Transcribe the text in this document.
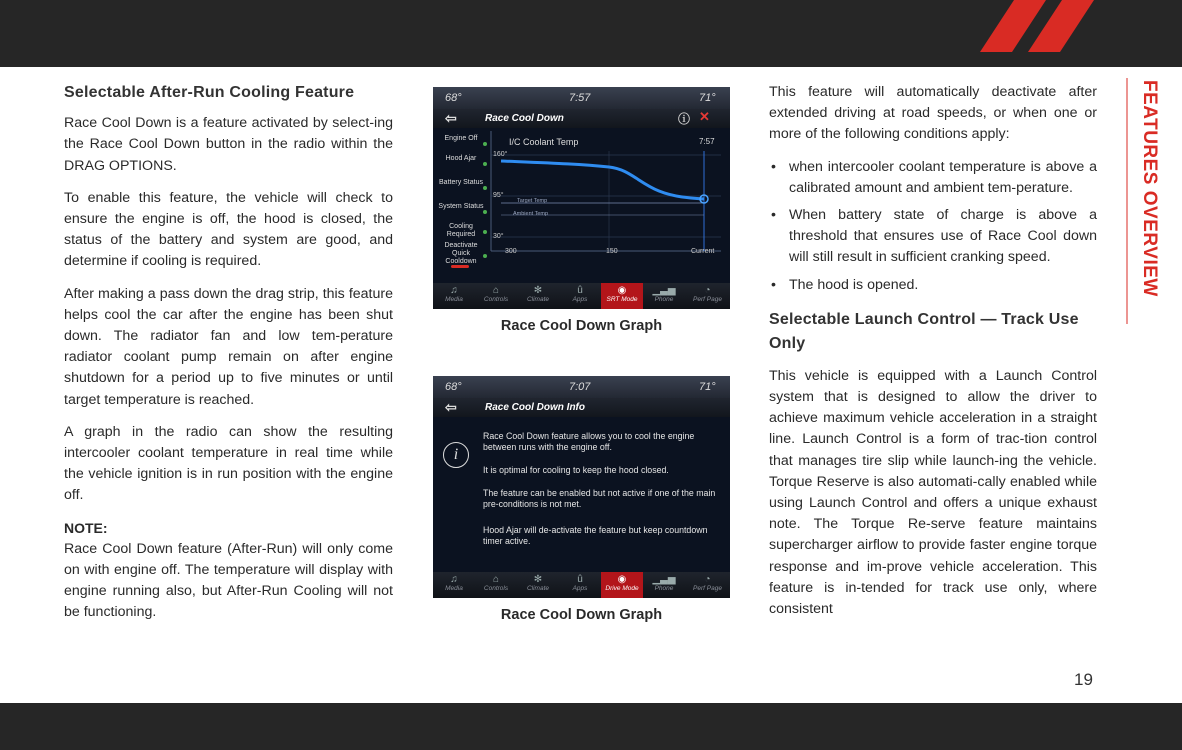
Selectable After-Run Cooling Feature

Race Cool Down is a feature activated by select-ing the Race Cool Down button in the radio within the DRAG OPTIONS.

To enable this feature, the vehicle will check to ensure the engine is off, the hood is closed, the status of the battery and system are good, and determine if cooling is required.

After making a pass down the drag strip, this feature helps cool the car after the engine has been shut down. The radiator fan and low tem-perature radiator coolant pump remain on after engine shutdown for a period up to five minutes or until target temperature is reached.

A graph in the radio can show the resulting intercooler coolant temperature in real time while the vehicle ignition is in run position with the engine off.

NOTE:

Race Cool Down feature (After-Run) will only come on with engine off. The temperature will display with engine running also, but After-Run Cooling will not be functioning.

68°	7:57	71°
⇦	Race Cool Down	ⓘ ✕
Engine Off
Hood Ajar
Battery Status
System Status
Cooling Required
Deactivate Quick Cooldown
I/C Coolant Temp	7:57
160°
95°
30°
Target Temp
Ambient Temp
300	150	Current
♫
Media
⌂
Controls
✻
Climate
û
Apps
◉
SRT Mode
▁▃▅
Phone
◔
Perf Page
Race Cool Down Graph
68°	7:07	71°
⇦	Race Cool Down Info
i
Race Cool Down feature allows you to cool the engine between runs with the engine off.
It is optimal for cooling to keep the hood closed.
The feature can be enabled but not active if one of the main pre-conditions is not met.
Hood Ajar will de-activate the feature but keep countdown timer active.
♫
Media
⌂
Controls
✻
Climate
û
Apps
◉
Drive Mode
▁▃▅
Phone
◔
Perf Page
Race Cool Down Graph

This feature will automatically deactivate after extended driving at road speeds, or when one or more of the following conditions apply:

• when intercooler coolant temperature is above a calibrated amount and ambient tem-perature.
• When battery state of charge is above a threshold that ensures use of Race Cool down will still result in sufficient cranking speed.
• The hood is opened.
Selectable Launch Control — Track Use Only

This vehicle is equipped with a Launch Control system that is designed to allow the driver to achieve maximum vehicle acceleration in a straight line. Launch Control is a form of trac-tion control that manages tire slip while launch-ing the vehicle. Torque Reserve is also automati-cally enabled while using Launch Control and offers a unique exhaust note. The Torque Re-serve feature maintains supercharger airflow to provide faster engine torque response and im-prove vehicle acceleration. This feature is in-tended for track use only, where consistent

FEATURES OVERVIEW
19
